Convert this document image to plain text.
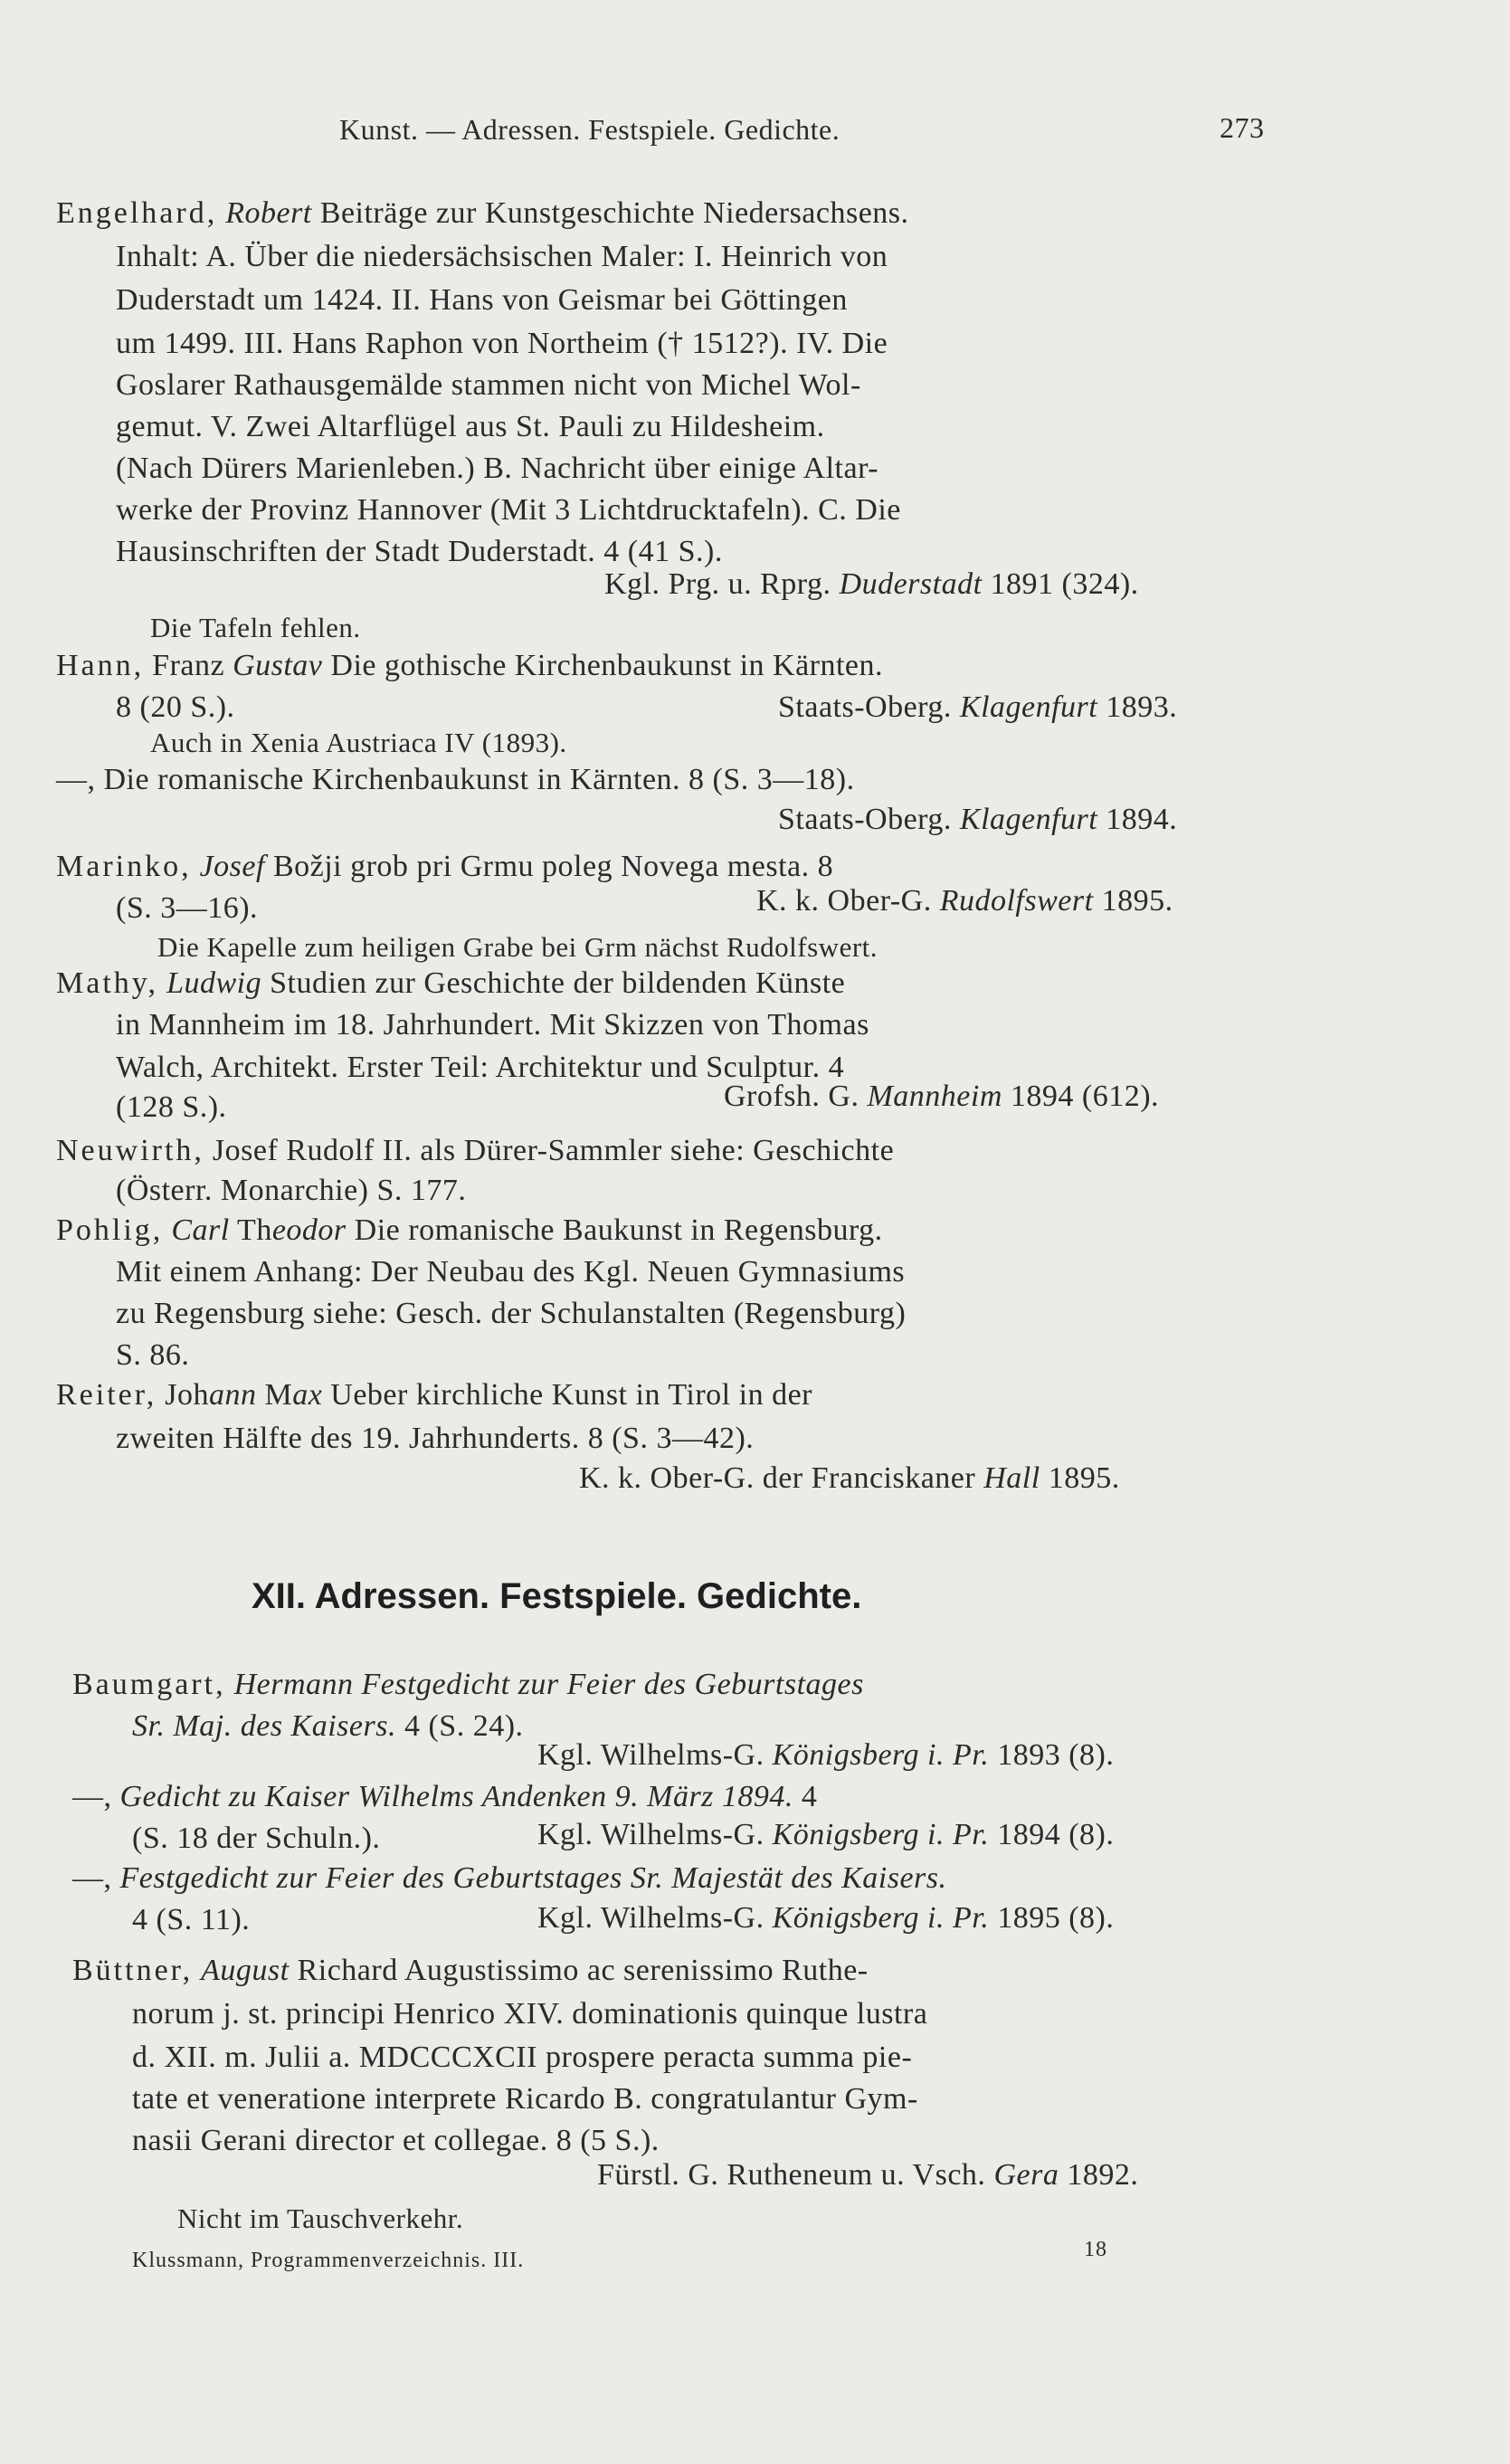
Kunst. — Adressen. Festspiele. Gedichte.	273
Engelhard, Robert Beiträge zur Kunstgeschichte Niedersachsens.
Inhalt: A. Über die niedersächsischen Maler: I. Heinrich von
Duderstadt um 1424. II. Hans von Geismar bei Göttingen
um 1499. III. Hans Raphon von Northeim († 1512?). IV. Die
Goslarer Rathausgemälde stammen nicht von Michel Wol-
gemut. V. Zwei Altarflügel aus St. Pauli zu Hildesheim.
(Nach Dürers Marienleben.) B. Nachricht über einige Altar-
werke der Provinz Hannover (Mit 3 Lichtdrucktafeln). C. Die
Hausinschriften der Stadt Duderstadt. 4 (41 S.).
Kgl. Prg. u. Rprg. Duderstadt 1891 (324).
Die Tafeln fehlen.
Hann, Franz Gustav Die gothische Kirchenbaukunst in Kärnten.
8 (20 S.).	Staats-Oberg. Klagenfurt 1893.
Auch in Xenia Austriaca IV (1893).
—, Die romanische Kirchenbaukunst in Kärnten. 8 (S. 3—18).
Staats-Oberg. Klagenfurt 1894.
Marinko, Josef Božji grob pri Grmu poleg Novega mesta. 8
(S. 3—16).	K. k. Ober-G. Rudolfswert 1895.
Die Kapelle zum heiligen Grabe bei Grm nächst Rudolfswert.
Mathy, Ludwig Studien zur Geschichte der bildenden Künste
in Mannheim im 18. Jahrhundert. Mit Skizzen von Thomas
Walch, Architekt. Erster Teil: Architektur und Sculptur. 4
(128 S.).	Grofsh. G. Mannheim 1894 (612).
Neuwirth, Josef Rudolf II. als Dürer-Sammler siehe: Geschichte
(Österr. Monarchie) S. 177.
Pohlig, Carl Theodor Die romanische Baukunst in Regensburg.
Mit einem Anhang: Der Neubau des Kgl. Neuen Gymnasiums
zu Regensburg siehe: Gesch. der Schulanstalten (Regensburg)
S. 86.
Reiter, Johann Max Ueber kirchliche Kunst in Tirol in der
zweiten Hälfte des 19. Jahrhunderts. 8 (S. 3—42).
K. k. Ober-G. der Franciskaner Hall 1895.
XII. Adressen. Festspiele. Gedichte.
Baumgart, Hermann Festgedicht zur Feier des Geburtstages
Sr. Maj. des Kaisers. 4 (S. 24).
Kgl. Wilhelms-G. Königsberg i. Pr. 1893 (8).
—, Gedicht zu Kaiser Wilhelms Andenken 9. März 1894. 4
(S. 18 der Schuln.).	Kgl. Wilhelms-G. Königsberg i. Pr. 1894 (8).
—, Festgedicht zur Feier des Geburtstages Sr. Majestät des Kaisers.
4 (S. 11).	Kgl. Wilhelms-G. Königsberg i. Pr. 1895 (8).
Büttner, August Richard Augustissimo ac serenissimo Ruthe-
norum j. st. principi Henrico XIV. dominationis quinque lustra
d. XII. m. Julii a. MDCCCXCII prospere peracta summa pie-
tate et veneratione interprete Ricardo B. congratulantur Gym-
nasii Gerani director et collegae. 8 (5 S.).
Fürstl. G. Rutheneum u. Vsch. Gera 1892.
Nicht im Tauschverkehr.
Klussmann, Programmenverzeichnis. III.	18
